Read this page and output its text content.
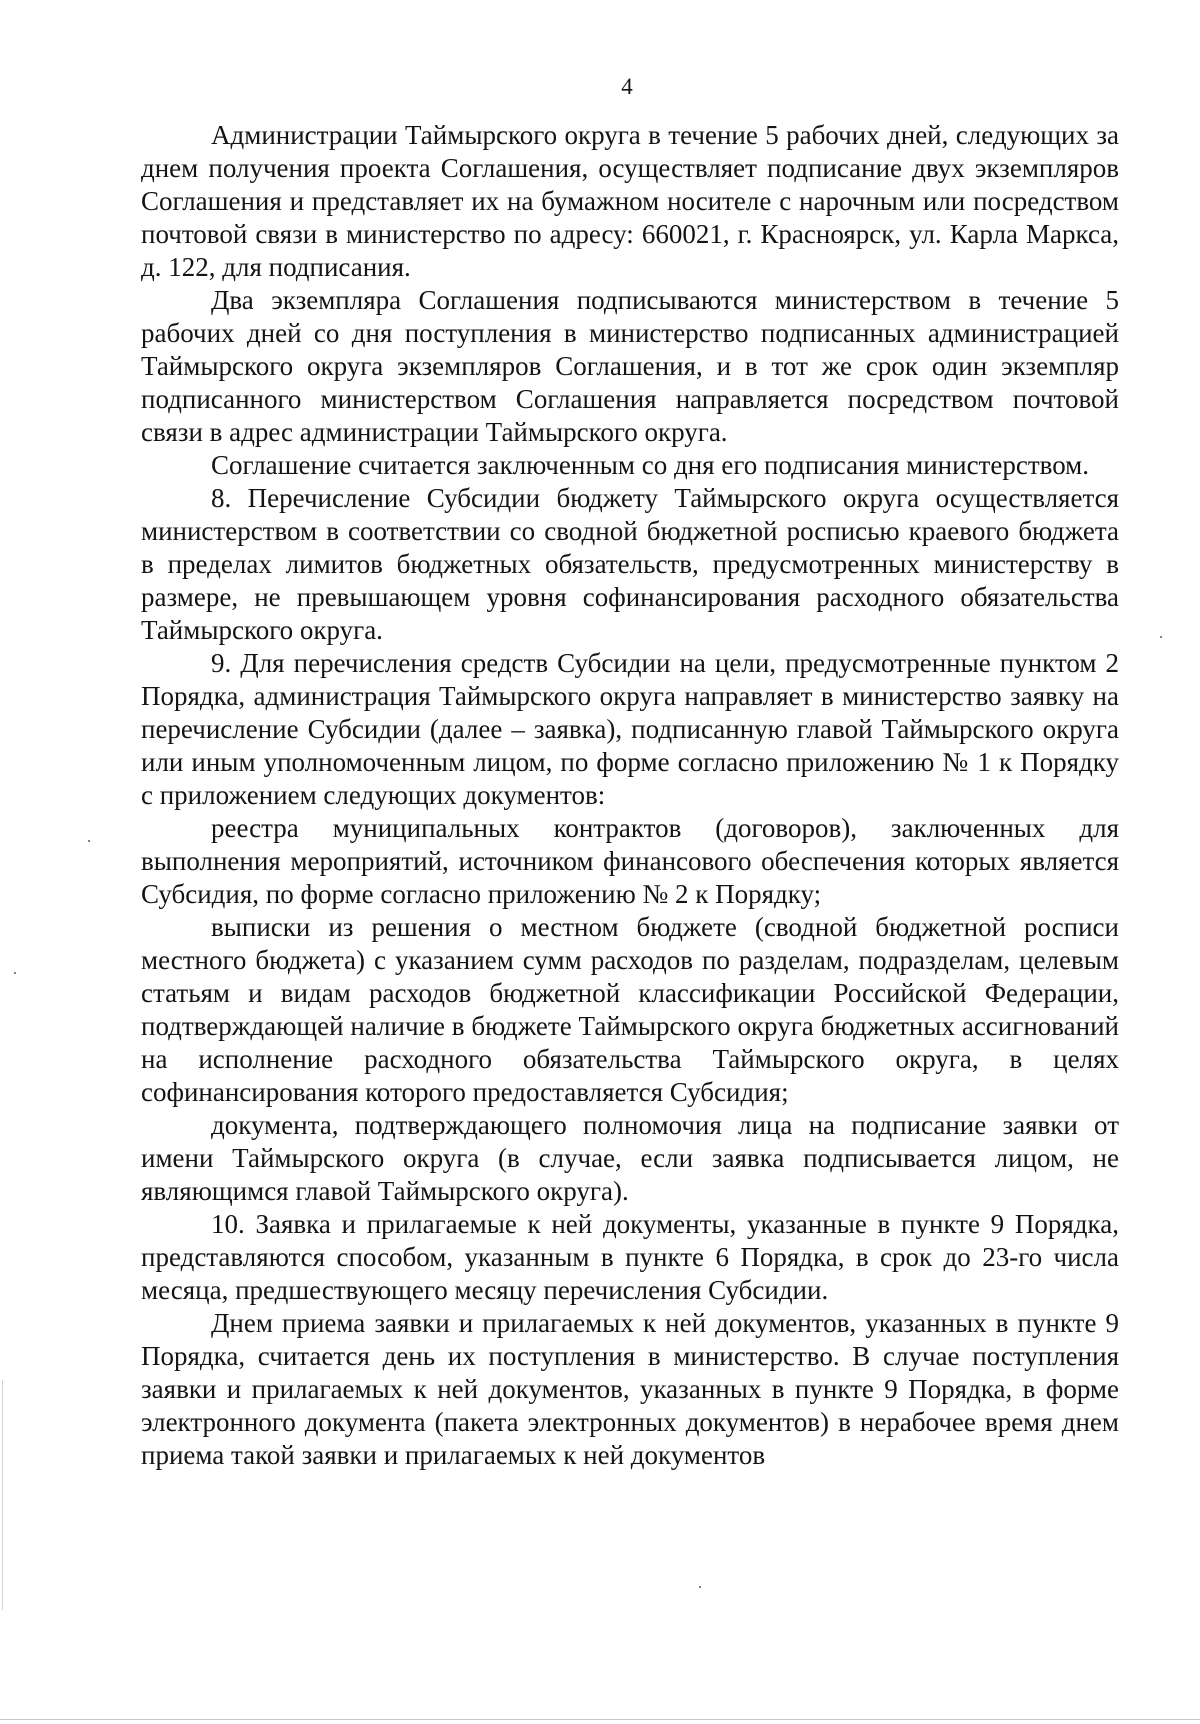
4

Администрации Таймырского округа в течение 5 рабочих дней, следующих за днем получения проекта Соглашения, осуществляет подписание двух экземпляров Соглашения и представляет их на бумажном носителе с нарочным или посредством почтовой связи в министерство по адресу: 660021, г. Красноярск, ул. Карла Маркса, д. 122, для подписания.

Два экземпляра Соглашения подписываются министерством в течение 5 рабочих дней со дня поступления в министерство подписанных администрацией Таймырского округа экземпляров Соглашения, и в тот же срок один экземпляр подписанного министерством Соглашения направляется посредством почтовой связи в адрес администрации Таймырского округа.

Соглашение считается заключенным со дня его подписания министерством.

8. Перечисление Субсидии бюджету Таймырского округа осуществляется министерством в соответствии со сводной бюджетной росписью краевого бюджета в пределах лимитов бюджетных обязательств, предусмотренных министерству в размере, не превышающем уровня софинансирования расходного обязательства Таймырского округа.

9. Для перечисления средств Субсидии на цели, предусмотренные пунктом 2 Порядка, администрация Таймырского округа направляет в министерство заявку на перечисление Субсидии (далее – заявка), подписанную главой Таймырского округа или иным уполномоченным лицом, по форме согласно приложению № 1 к Порядку с приложением следующих документов:

реестра муниципальных контрактов (договоров), заключенных для выполнения мероприятий, источником финансового обеспечения которых является Субсидия, по форме согласно приложению № 2 к Порядку;

выписки из решения о местном бюджете (сводной бюджетной росписи местного бюджета) с указанием сумм расходов по разделам, подразделам, целевым статьям и видам расходов бюджетной классификации Российской Федерации, подтверждающей наличие в бюджете Таймырского округа бюджетных ассигнований на исполнение расходного обязательства Таймырского округа, в целях софинансирования которого предоставляется Субсидия;

документа, подтверждающего полномочия лица на подписание заявки от имени Таймырского округа (в случае, если заявка подписывается лицом, не являющимся главой Таймырского округа).

10. Заявка и прилагаемые к ней документы, указанные в пункте 9 Порядка, представляются способом, указанным в пункте 6 Порядка, в срок до 23-го числа месяца, предшествующего месяцу перечисления Субсидии.

Днем приема заявки и прилагаемых к ней документов, указанных в пункте 9 Порядка, считается день их поступления в министерство. В случае поступления заявки и прилагаемых к ней документов, указанных в пункте 9 Порядка, в форме электронного документа (пакета электронных документов) в нерабочее время днем приема такой заявки и прилагаемых к ней документов
